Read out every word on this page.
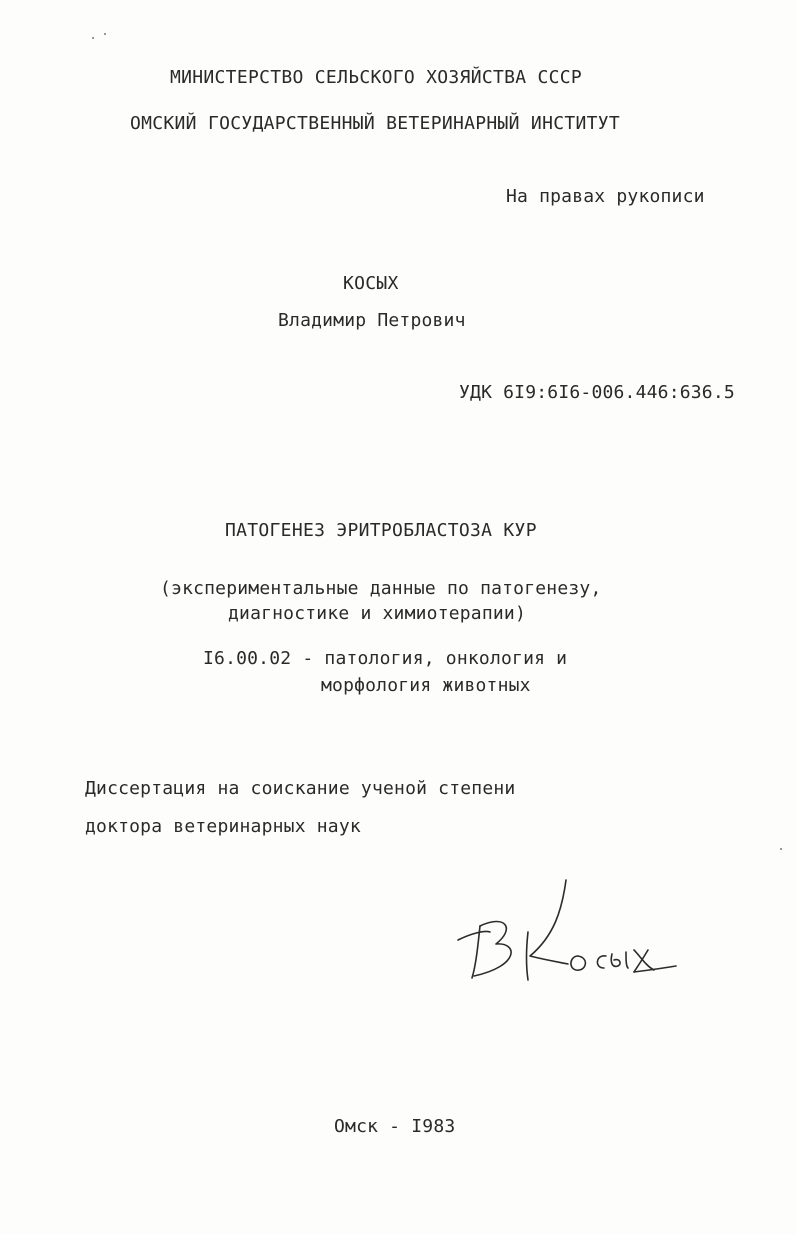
МИНИСТЕРСТВО СЕЛЬСКОГО ХОЗЯЙСТВА СССР
ОМСКИЙ ГОСУДАРСТВЕННЫЙ ВЕТЕРИНАРНЫЙ ИНСТИТУТ
На правах рукописи
КОСЫХ
Владимир Петрович
УДК 6I9:6I6-006.446:636.5
ПАТОГЕНЕЗ ЭРИТРОБЛАСТОЗА КУР
(экспериментальные данные по патогенезу,
диагностике и химиотерапии)
I6.00.02 - патология, онкология и
морфология животных
Диссертация на соискание ученой степени
доктора ветеринарных наук
Омск - I983
